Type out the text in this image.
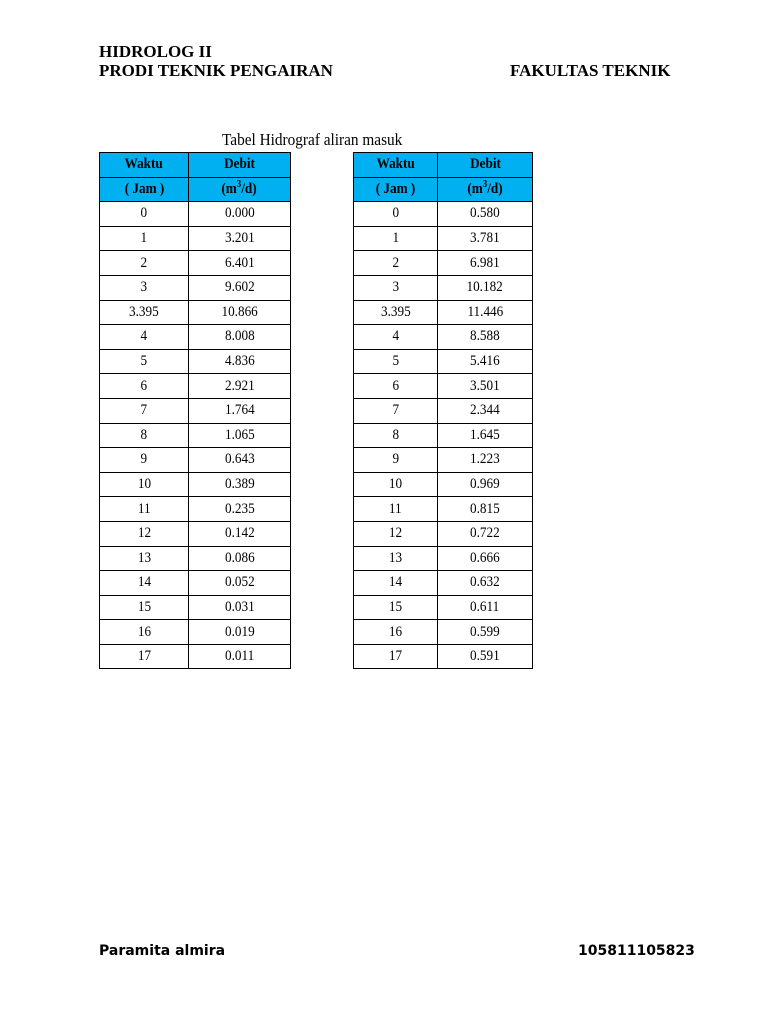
HIDROLOG II
PRODI TEKNIK PENGAIRAN	FAKULTAS TEKNIK
Tabel Hidrograf aliran masuk
Waktu	Debit
( Jam )	$(m^3/d)$
0	0.000
1	3.201
2	6.401
3	9.602
3.395	10.866
4	8.008
5	4.836
6	2.921
7	1.764
8	1.065
9	0.643
10	0.389
11	0.235
12	0.142
13	0.086
14	0.052
15	0.031
16	0.019
17	0.011
Waktu	Debit
( Jam )	$(m^3/d)$
0	0.580
1	3.781
2	6.981
3	10.182
3.395	11.446
4	8.588
5	5.416
6	3.501
7	2.344
8	1.645
9	1.223
10	0.969
11	0.815
12	0.722
13	0.666
14	0.632
15	0.611
16	0.599
17	0.591
Paramita almira	105811105823
